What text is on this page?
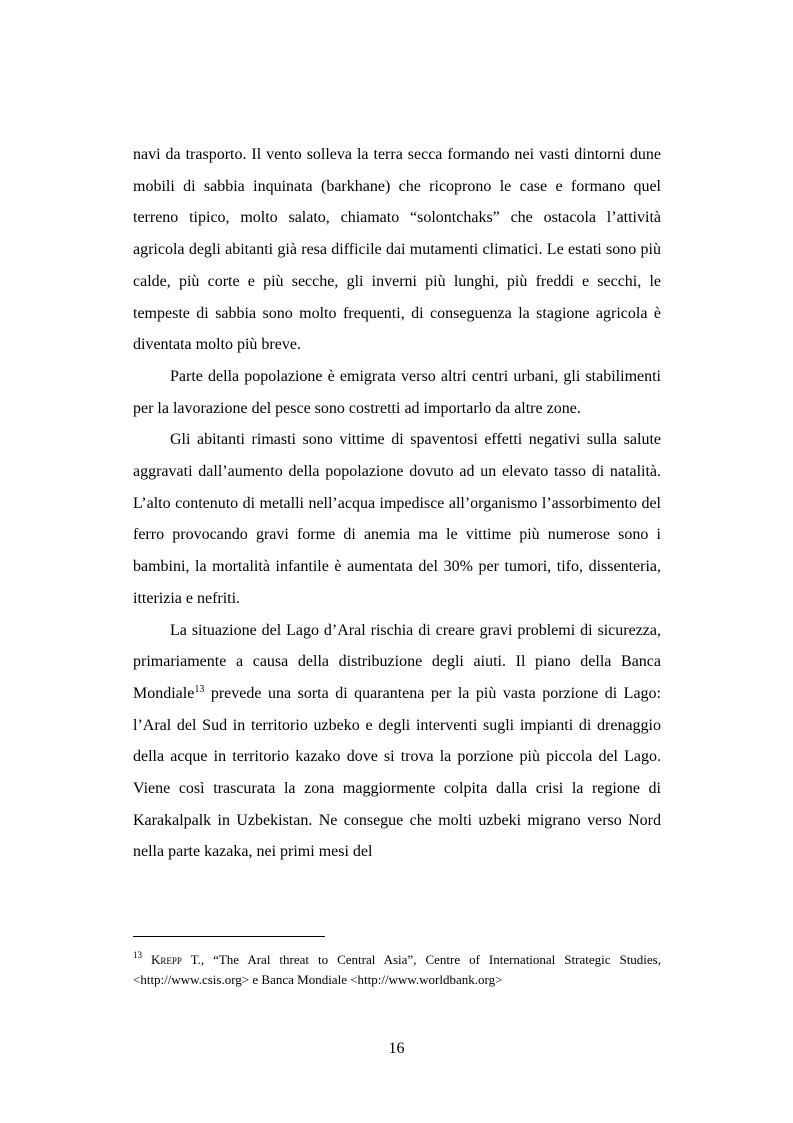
navi da trasporto. Il vento solleva la terra secca formando nei vasti dintorni dune mobili di sabbia inquinata (barkhane) che ricoprono le case e formano quel terreno tipico, molto salato, chiamato “solontchaks” che ostacola l’attività agricola degli abitanti già resa difficile dai mutamenti climatici. Le estati sono più calde, più corte e più secche, gli inverni più lunghi, più freddi e secchi, le tempeste di sabbia sono molto frequenti, di conseguenza la stagione agricola è diventata molto più breve.

Parte della popolazione è emigrata verso altri centri urbani, gli stabilimenti per la lavorazione del pesce sono costretti ad importarlo da altre zone.

Gli abitanti rimasti sono vittime di spaventosi effetti negativi sulla salute aggravati dall’aumento della popolazione dovuto ad un elevato tasso di natalità. L’alto contenuto di metalli nell’acqua impedisce all’organismo l’assorbimento del ferro provocando gravi forme di anemia ma le vittime più numerose sono i bambini, la mortalità infantile è aumentata del 30% per tumori, tifo, dissenteria, itterizia e nefriti.

La situazione del Lago d’Aral rischia di creare gravi problemi di sicurezza, primariamente a causa della distribuzione degli aiuti. Il piano della Banca Mondiale$^{13}$ prevede una sorta di quarantena per la più vasta porzione di Lago: l’Aral del Sud in territorio uzbeko e degli interventi sugli impianti di drenaggio della acque in territorio kazako dove si trova la porzione più piccola del Lago. Viene così trascurata la zona maggiormente colpita dalla crisi la regione di Karakalpalk in Uzbekistan. Ne consegue che molti uzbeki migrano verso Nord nella parte kazaka, nei primi mesi del

$^{13}$ Krepp T., “The Aral threat to Central Asia”, Centre of International Strategic Studies, <http://www.csis.org> e Banca Mondiale <http://www.worldbank.org>
16
